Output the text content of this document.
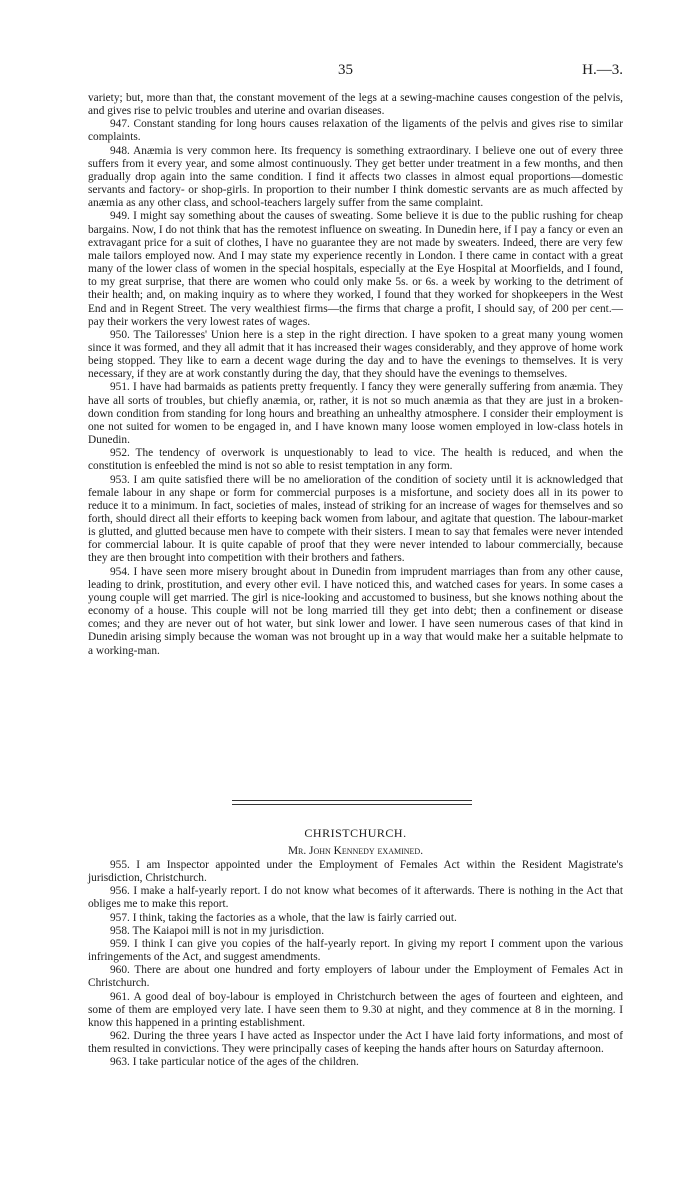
35	H.—3.

variety; but, more than that, the constant movement of the legs at a sewing-machine causes congestion of the pelvis, and gives rise to pelvic troubles and uterine and ovarian diseases.

947. Constant standing for long hours causes relaxation of the ligaments of the pelvis and gives rise to similar complaints.

948. Anæmia is very common here. Its frequency is something extraordinary. I believe one out of every three suffers from it every year, and some almost continuously. They get better under treatment in a few months, and then gradually drop again into the same condition. I find it affects two classes in almost equal proportions—domestic servants and factory- or shop-girls. In proportion to their number I think domestic servants are as much affected by anæmia as any other class, and school-teachers largely suffer from the same complaint.

949. I might say something about the causes of sweating. Some believe it is due to the public rushing for cheap bargains. Now, I do not think that has the remotest influence on sweating. In Dunedin here, if I pay a fancy or even an extravagant price for a suit of clothes, I have no guarantee they are not made by sweaters. Indeed, there are very few male tailors employed now. And I may state my experience recently in London. I there came in contact with a great many of the lower class of women in the special hospitals, especially at the Eye Hospital at Moorfields, and I found, to my great surprise, that there are women who could only make 5s. or 6s. a week by working to the detriment of their health; and, on making inquiry as to where they worked, I found that they worked for shopkeepers in the West End and in Regent Street. The very wealthiest firms—the firms that charge a profit, I should say, of 200 per cent.—pay their workers the very lowest rates of wages.

950. The Tailoresses' Union here is a step in the right direction. I have spoken to a great many young women since it was formed, and they all admit that it has increased their wages considerably, and they approve of home work being stopped. They like to earn a decent wage during the day and to have the evenings to themselves. It is very necessary, if they are at work constantly during the day, that they should have the evenings to themselves.

951. I have had barmaids as patients pretty frequently. I fancy they were generally suffering from anæmia. They have all sorts of troubles, but chiefly anæmia, or, rather, it is not so much anæmia as that they are just in a broken-down condition from standing for long hours and breathing an unhealthy atmosphere. I consider their employment is one not suited for women to be engaged in, and I have known many loose women employed in low-class hotels in Dunedin.

952. The tendency of overwork is unquestionably to lead to vice. The health is reduced, and when the constitution is enfeebled the mind is not so able to resist temptation in any form.

953. I am quite satisfied there will be no amelioration of the condition of society until it is acknowledged that female labour in any shape or form for commercial purposes is a misfortune, and society does all in its power to reduce it to a minimum. In fact, societies of males, instead of striking for an increase of wages for themselves and so forth, should direct all their efforts to keeping back women from labour, and agitate that question. The labour-market is glutted, and glutted because men have to compete with their sisters. I mean to say that females were never intended for commercial labour. It is quite capable of proof that they were never intended to labour commercially, because they are then brought into competition with their brothers and fathers.

954. I have seen more misery brought about in Dunedin from imprudent marriages than from any other cause, leading to drink, prostitution, and every other evil. I have noticed this, and watched cases for years. In some cases a young couple will get married. The girl is nice-looking and accustomed to business, but she knows nothing about the economy of a house. This couple will not be long married till they get into debt; then a confinement or disease comes; and they are never out of hot water, but sink lower and lower. I have seen numerous cases of that kind in Dunedin arising simply because the woman was not brought up in a way that would make her a suitable helpmate to a working-man.

CHRISTCHURCH.
Mr. John Kennedy examined.

955. I am Inspector appointed under the Employment of Females Act within the Resident Magistrate's jurisdiction, Christchurch.

956. I make a half-yearly report. I do not know what becomes of it afterwards. There is nothing in the Act that obliges me to make this report.

957. I think, taking the factories as a whole, that the law is fairly carried out.

958. The Kaiapoi mill is not in my jurisdiction.

959. I think I can give you copies of the half-yearly report. In giving my report I comment upon the various infringements of the Act, and suggest amendments.

960. There are about one hundred and forty employers of labour under the Employment of Females Act in Christchurch.

961. A good deal of boy-labour is employed in Christchurch between the ages of fourteen and eighteen, and some of them are employed very late. I have seen them to 9.30 at night, and they commence at 8 in the morning. I know this happened in a printing establishment.

962. During the three years I have acted as Inspector under the Act I have laid forty informations, and most of them resulted in convictions. They were principally cases of keeping the hands after hours on Saturday afternoon.

963. I take particular notice of the ages of the children.
